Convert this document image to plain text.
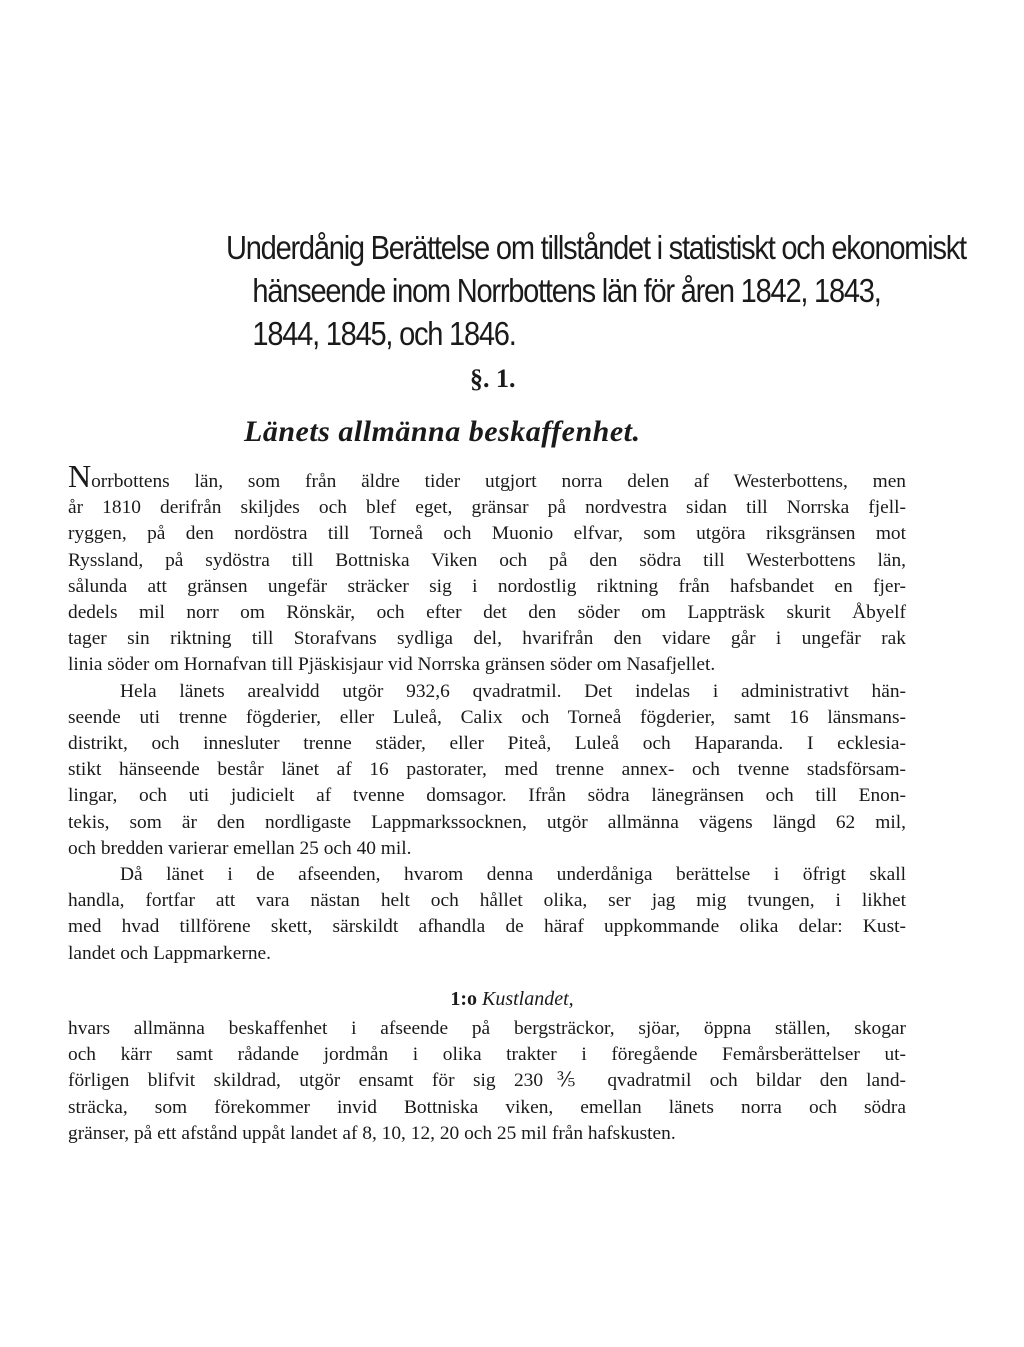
Underdånig Berättelse om tillståndet i statistiskt och ekonomiskt
hänseende inom Norrbottens län för åren 1842, 1843,
1844, 1845, och 1846.
§. 1.
Länets allmänna beskaffenhet.

Norrbottens län, som från äldre tider utgjort norra delen af Westerbottens, men
år 1810 derifrån skiljdes och blef eget, gränsar på nordvestra sidan till Norrska fjell-
ryggen, på den nordöstra till Torneå och Muonio elfvar, som utgöra riksgränsen mot
Ryssland, på sydöstra till Bottniska Viken och på den södra till Westerbottens län,
sålunda att gränsen ungefär sträcker sig i nordostlig riktning från hafsbandet en fjer-
dedels mil norr om Rönskär, och efter det den söder om Lappträsk skurit Åbyelf
tager sin riktning till Storafvans sydliga del, hvarifrån den vidare går i ungefär rak
linia söder om Hornafvan till Pjäskisjaur vid Norrska gränsen söder om Nasafjellet.

Hela länets arealvidd utgör 932,6 qvadratmil. Det indelas i administrativt hän-
seende uti trenne fögderier, eller Luleå, Calix och Torneå fögderier, samt 16 länsmans-
distrikt, och innesluter trenne städer, eller Piteå, Luleå och Haparanda. I ecklesia-
stikt hänseende består länet af 16 pastorater, med trenne annex- och tvenne stadsförsam-
lingar, och uti judicielt af tvenne domsagor. Ifrån södra länegränsen och till Enon-
tekis, som är den nordligaste Lappmarkssocknen, utgör allmänna vägens längd 62 mil,
och bredden varierar emellan 25 och 40 mil.

Då länet i de afseenden, hvarom denna underdåniga berättelse i öfrigt skall
handla, fortfar att vara nästan helt och hållet olika, ser jag mig tvungen, i likhet
med hvad tillförene skett, särskildt afhandla de häraf uppkommande olika delar: Kust-
landet och Lappmarkerne.

1:o Kustlandet,
hvars allmänna beskaffenhet i afseende på bergsträckor, sjöar, öppna ställen, skogar
och kärr samt rådande jordmån i olika trakter i föregående Femårsberättelser ut-
förligen blifvit skildrad, utgör ensamt för sig 230⅗ qvadratmil och bildar den land-
sträcka, som förekommer invid Bottniska viken, emellan länets norra och södra
gränser, på ett afstånd uppåt landet af 8, 10, 12, 20 och 25 mil från hafskusten.
